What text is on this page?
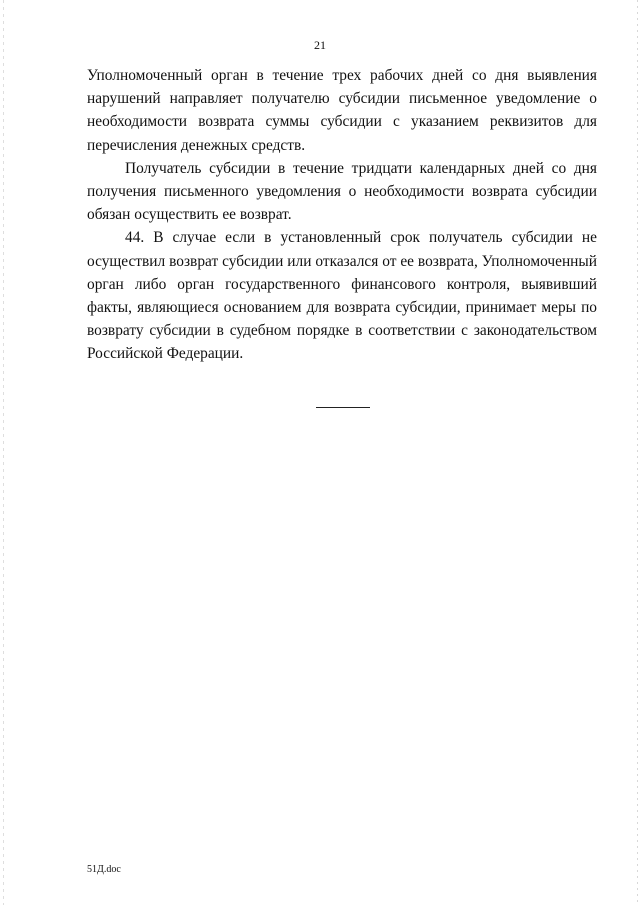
21

Уполномоченный орган в течение трех рабочих дней со дня выявления нарушений направляет получателю субсидии письменное уведомление о необходимости возврата суммы субсидии с указанием реквизитов для перечисления денежных средств.

Получатель субсидии в течение тридцати календарных дней со дня получения письменного уведомления о необходимости возврата субсидии обязан осуществить ее возврат.

44. В случае если в установленный срок получатель субсидии не осуществил возврат субсидии или отказался от ее возврата, Уполномоченный орган либо орган государственного финансового контроля, выявивший факты, являющиеся основанием для возврата субсидии, принимает меры по возврату субсидии в судебном порядке в соответствии с законодательством Российской Федерации.

51Д.doc
